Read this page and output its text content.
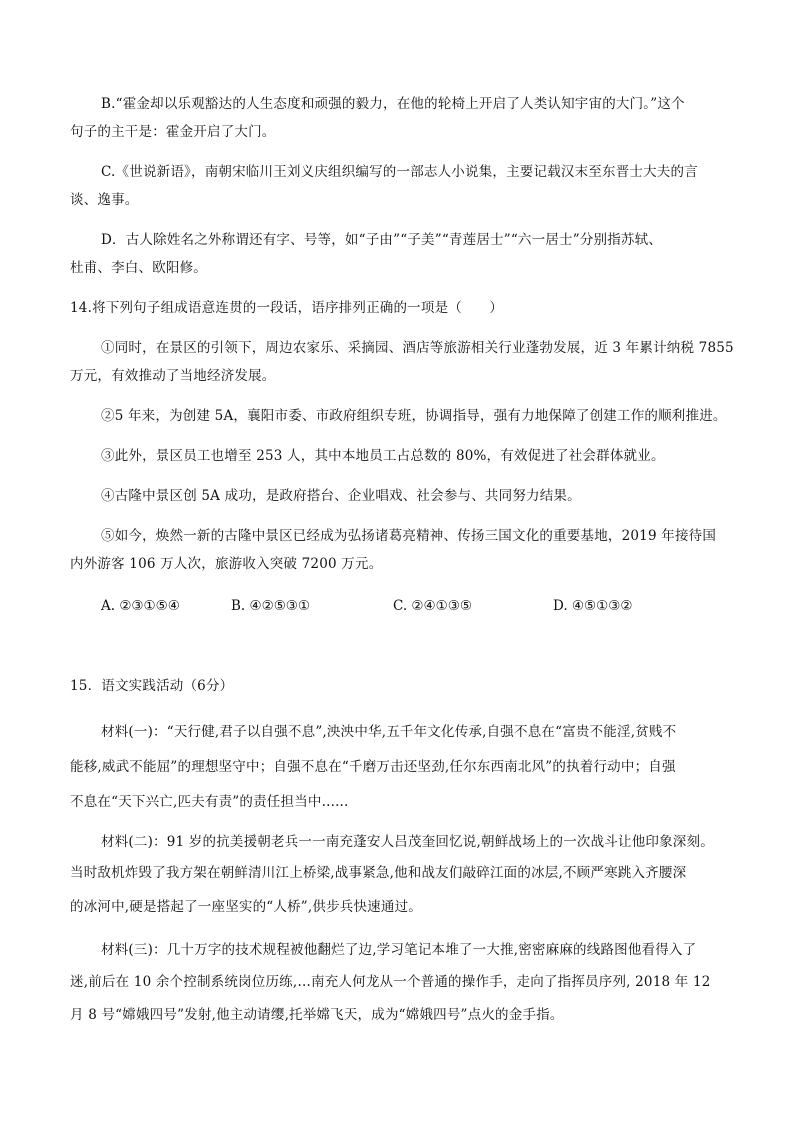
B.“霍金却以乐观豁达的人生态度和顽强的毅力，在他的轮椅上开启了人类认知宇宙的大门。”这个
句子的主干是：霍金开启了大门。
C.《世说新语》，南朝宋临川王刘义庆组织编写的一部志人小说集，主要记载汉末至东晋士大夫的言
谈、逸事。
D．古人除姓名之外称谓还有字、号等，如“子由”“子美”“青莲居士”“六一居士”分别指苏轼、
杜甫、李白、欧阳修。
14.将下列句子组成语意连贯的一段话，语序排列正确的一项是（　　）
①同时，在景区的引领下，周边农家乐、采摘园、酒店等旅游相关行业蓬勃发展，近 3 年累计纳税 7855
万元，有效推动了当地经济发展。
②5 年来，为创建 5A，襄阳市委、市政府组织专班，协调指导，强有力地保障了创建工作的顺利推进。
③此外，景区员工也增至 253 人，其中本地员工占总数的 80%，有效促进了社会群体就业。
④古隆中景区创 5A 成功，是政府搭台、企业唱戏、社会参与、共同努力结果。
⑤如今，焕然一新的古隆中景区已经成为弘扬诸葛亮精神、传扬三国文化的重要基地，2019 年接待国
内外游客 106 万人次，旅游收入突破 7200 万元。
A. ②③①⑤④	B. ④②⑤③①	C. ②④①③⑤	D. ④⑤①③②
15．语文实践活动（6分）
材料(一)：“天行健,君子以自强不息”,泱泱中华,五千年文化传承,自强不息在“富贵不能淫,贫贱不
能移,威武不能屈”的理想坚守中；自强不息在“千磨万击还坚劲,任尔东西南北风”的执着行动中；自强
不息在“天下兴亡,匹夫有责”的责任担当中......
材料(二)：91 岁的抗美援朝老兵一一南充蓬安人吕茂奎回忆说,朝鲜战场上的一次战斗让他印象深刻。
当时敌机炸毁了我方架在朝鲜清川江上桥梁,战事紧急,他和战友们敲碎江面的冰层,不顾严寒跳入齐腰深
的冰河中,硬是搭起了一座坚实的“人桥”,供步兵快速通过。
材料(三)：几十万字的技术规程被他翻烂了边,学习笔记本堆了一大推,密密麻麻的线路图他看得入了
迷,前后在 10 余个控制系统岗位历练,…南充人何龙从一个普通的操作手，走向了指挥员序列, 2018 年 12
月 8 号“嫦娥四号”发射,他主动请缨,托举嫦飞天，成为“嫦娥四号”点火的金手指。
